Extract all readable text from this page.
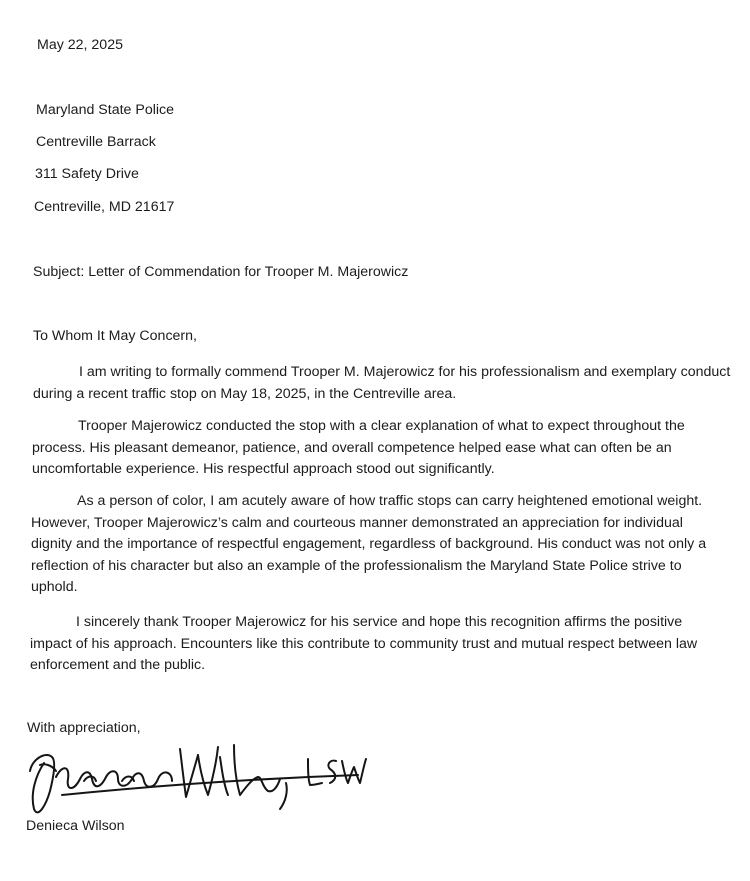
May 22, 2025
Maryland State Police
Centreville Barrack
311 Safety Drive
Centreville, MD 21617
Subject: Letter of Commendation for Trooper M. Majerowicz
To Whom It May Concern,

I am writing to formally commend Trooper M. Majerowicz for his professionalism and exemplary conduct during a recent traffic stop on May 18, 2025, in the Centreville area.

Trooper Majerowicz conducted the stop with a clear explanation of what to expect throughout the process. His pleasant demeanor, patience, and overall competence helped ease what can often be an uncomfortable experience. His respectful approach stood out significantly.

As a person of color, I am acutely aware of how traffic stops can carry heightened emotional weight. However, Trooper Majerowicz’s calm and courteous manner demonstrated an appreciation for individual dignity and the importance of respectful engagement, regardless of background. His conduct was not only a reflection of his character but also an example of the professionalism the Maryland State Police strive to uphold.

I sincerely thank Trooper Majerowicz for his service and hope this recognition affirms the positive impact of his approach. Encounters like this contribute to community trust and mutual respect between law enforcement and the public.

With appreciation,
Denieca Wilson
